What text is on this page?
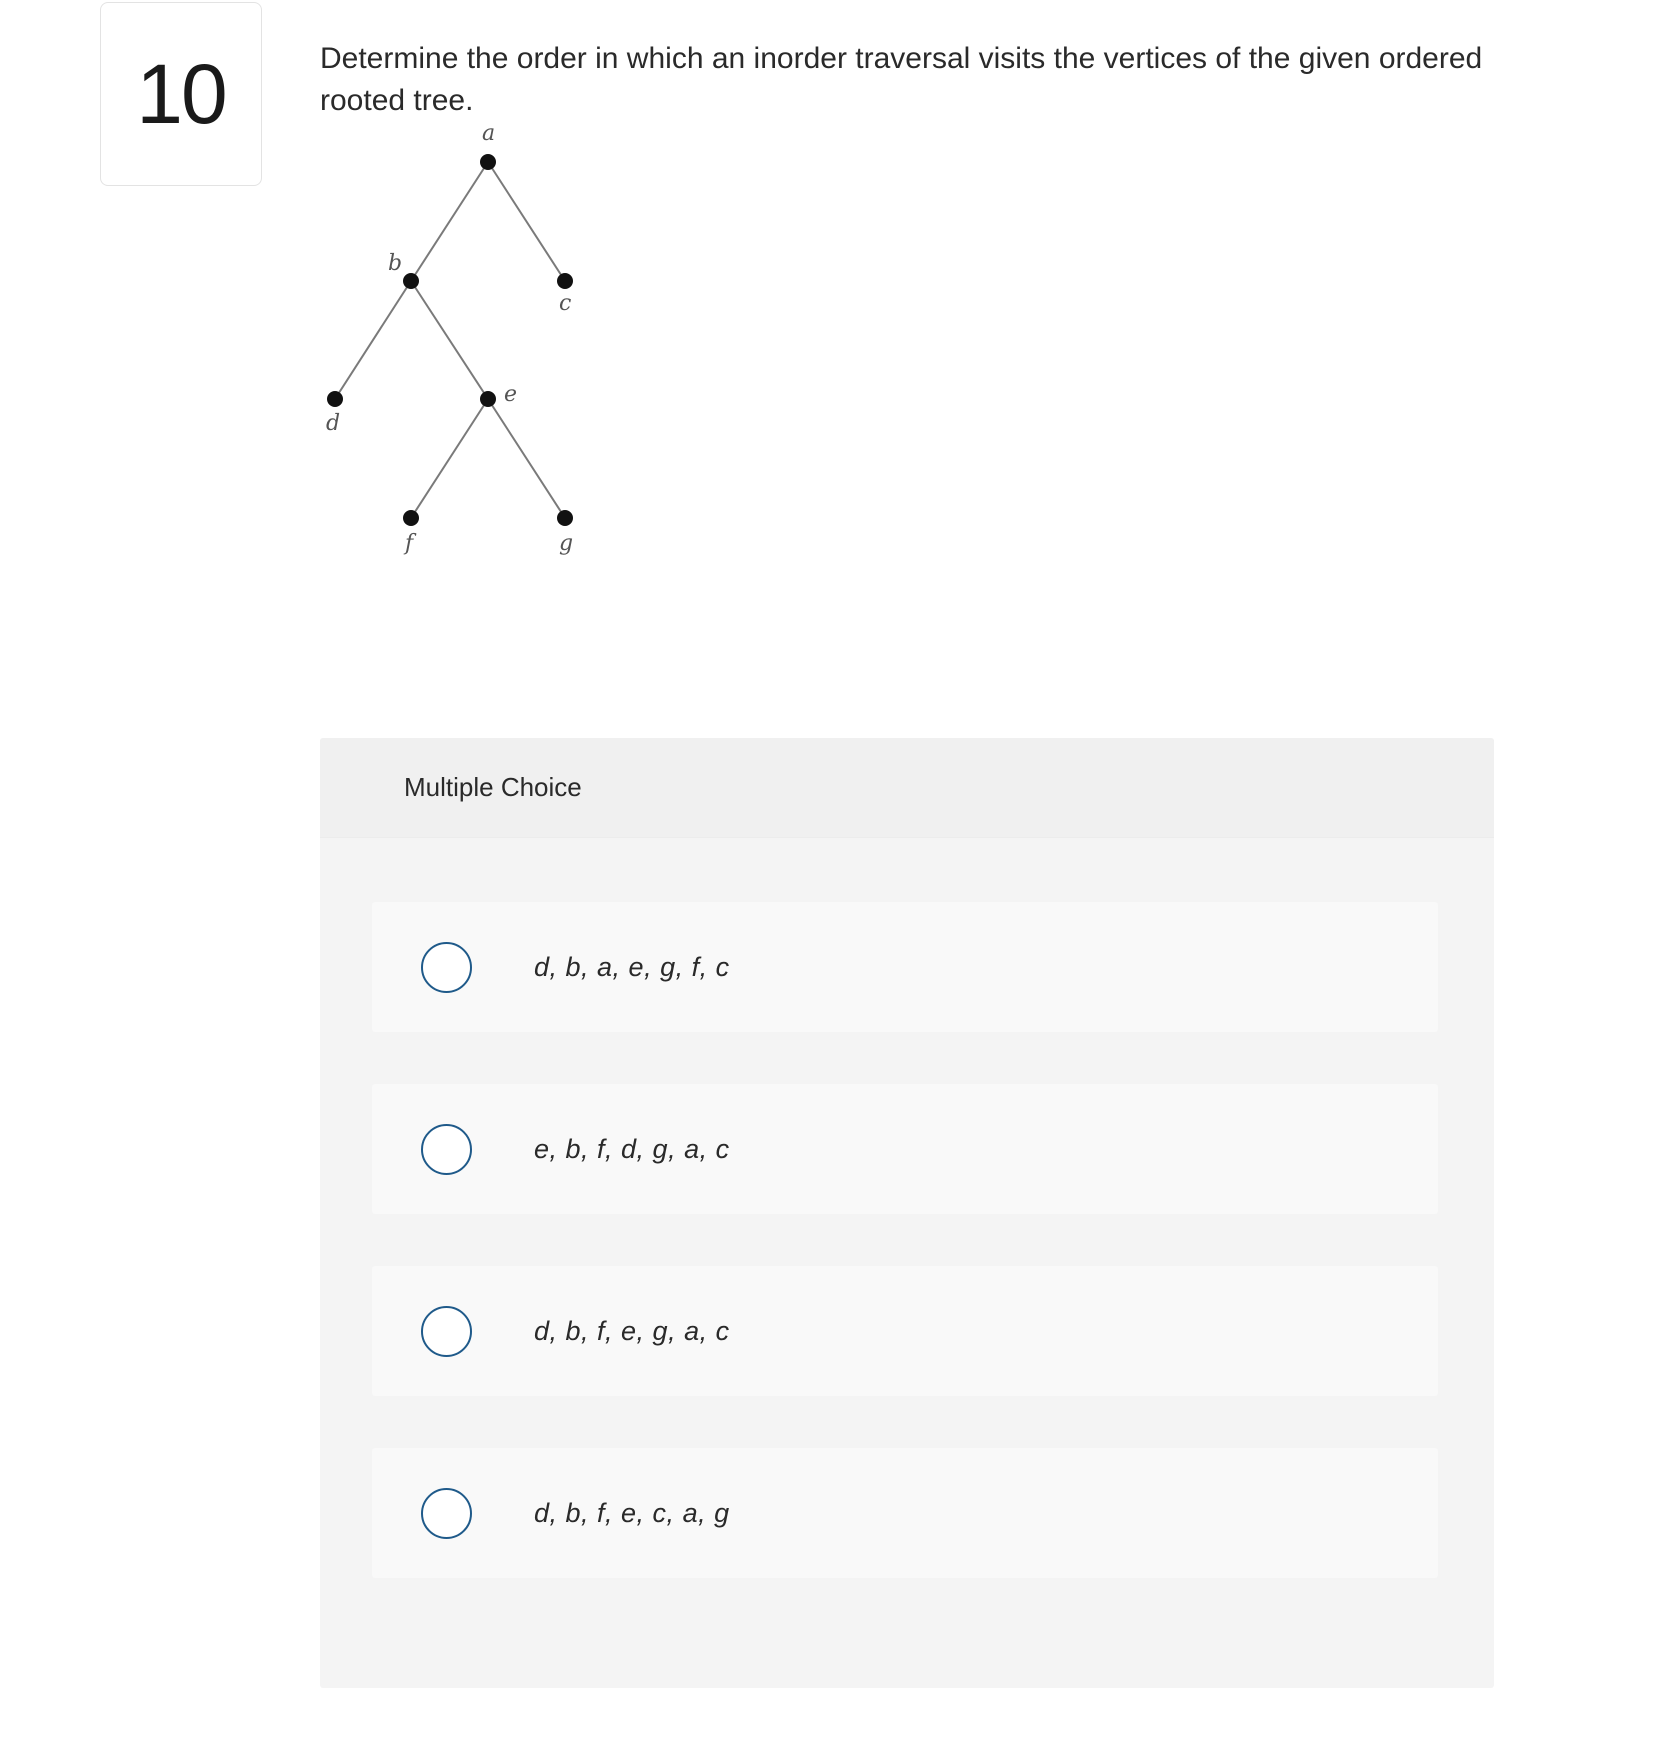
10	Determine the order in which an inorder traversal visits the vertices of the given ordered rooted tree.

a
b
c
d
e
f	g
Multiple Choice
d, b, a, e, g, f, c
e, b, f, d, g, a, c
d, b, f, e, g, a, c
d, b, f, e, c, a, g
